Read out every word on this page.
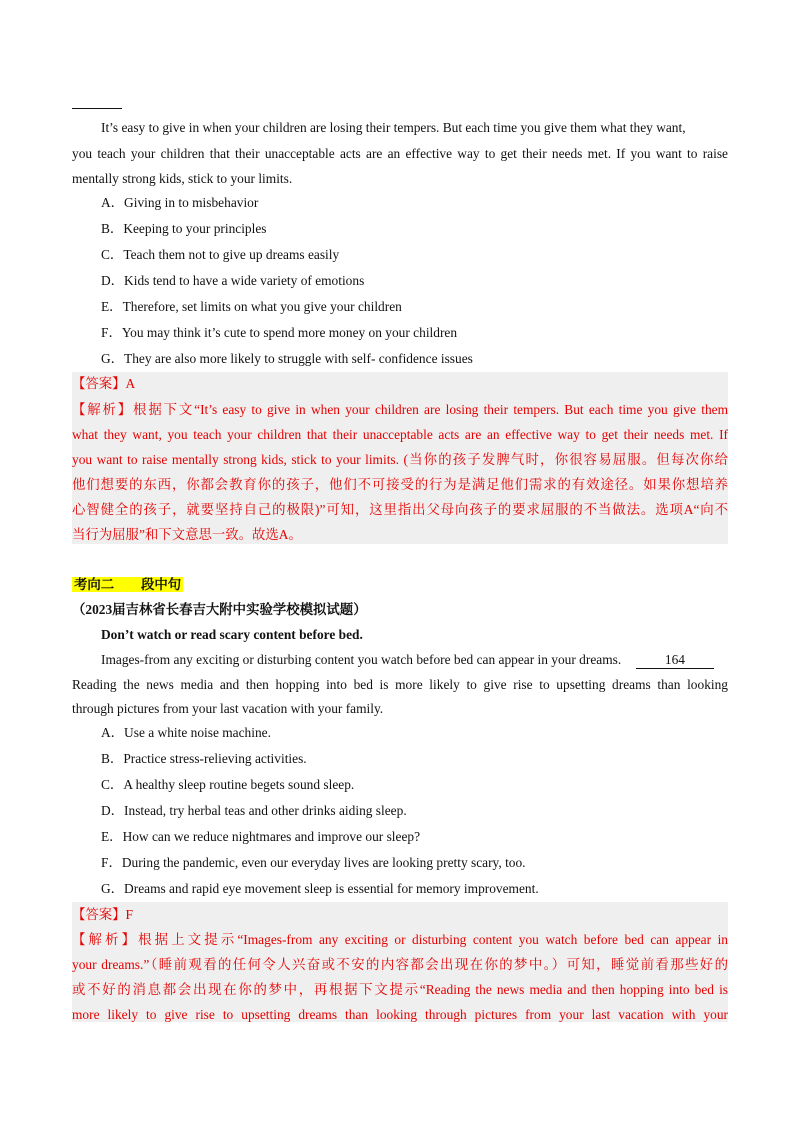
It’s easy to give in when your children are losing their tempers. But each time you give them what they want,
you teach your children that their unacceptable acts are an effective way to get their needs met. If you want to raise
mentally strong kids, stick to your limits.
A．Giving in to misbehavior
B．Keeping to your principles
C．Teach them not to give up dreams easily
D．Kids tend to have a wide variety of emotions
E．Therefore, set limits on what you give your children
F．You may think it’s cute to spend more money on your children
G．They are also more likely to struggle with self- confidence issues
【答案】A
【解析】根据下文“It’s easy to give in when your children are losing their tempers. But each time you give them
what they want, you teach your children that their unacceptable acts are an effective way to get their needs met. If
you want to raise mentally strong kids, stick to your limits. (当你的孩子发脾气时，你很容易屈服。但每次你给
他们想要的东西，你都会教育你的孩子，他们不可接受的行为是满足他们需求的有效途径。如果你想培养
心智健全的孩子，就要坚持自己的极限)”可知，这里指出父母向孩子的要求屈服的不当做法。选项A“向不
当行为屈服”和下文意思一致。故选A。
考向二　　段中句
（2023届吉林省长春吉大附中实验学校模拟试题）
Don’t watch or read scary content before bed.
Images-from any exciting or disturbing content you watch before bed can appear in your dreams.	164
Reading the news media and then hopping into bed is more likely to give rise to upsetting dreams than looking
through pictures from your last vacation with your family.
A．Use a white noise machine.
B．Practice stress-relieving activities.
C．A healthy sleep routine begets sound sleep.
D．Instead, try herbal teas and other drinks aiding sleep.
E．How can we reduce nightmares and improve our sleep?
F．During the pandemic, even our everyday lives are looking pretty scary, too.
G．Dreams and rapid eye movement sleep is essential for memory improvement.
【答案】F
【解析】根据上文提示“Images-from any exciting or disturbing content you watch before bed can appear in
your dreams.”（睡前观看的任何令人兴奋或不安的内容都会出现在你的梦中。）可知，睡觉前看那些好的
或不好的消息都会出现在你的梦中，再根据下文提示“Reading the news media and then hopping into bed is
more likely to give rise to upsetting dreams than looking through pictures from your last vacation with your
